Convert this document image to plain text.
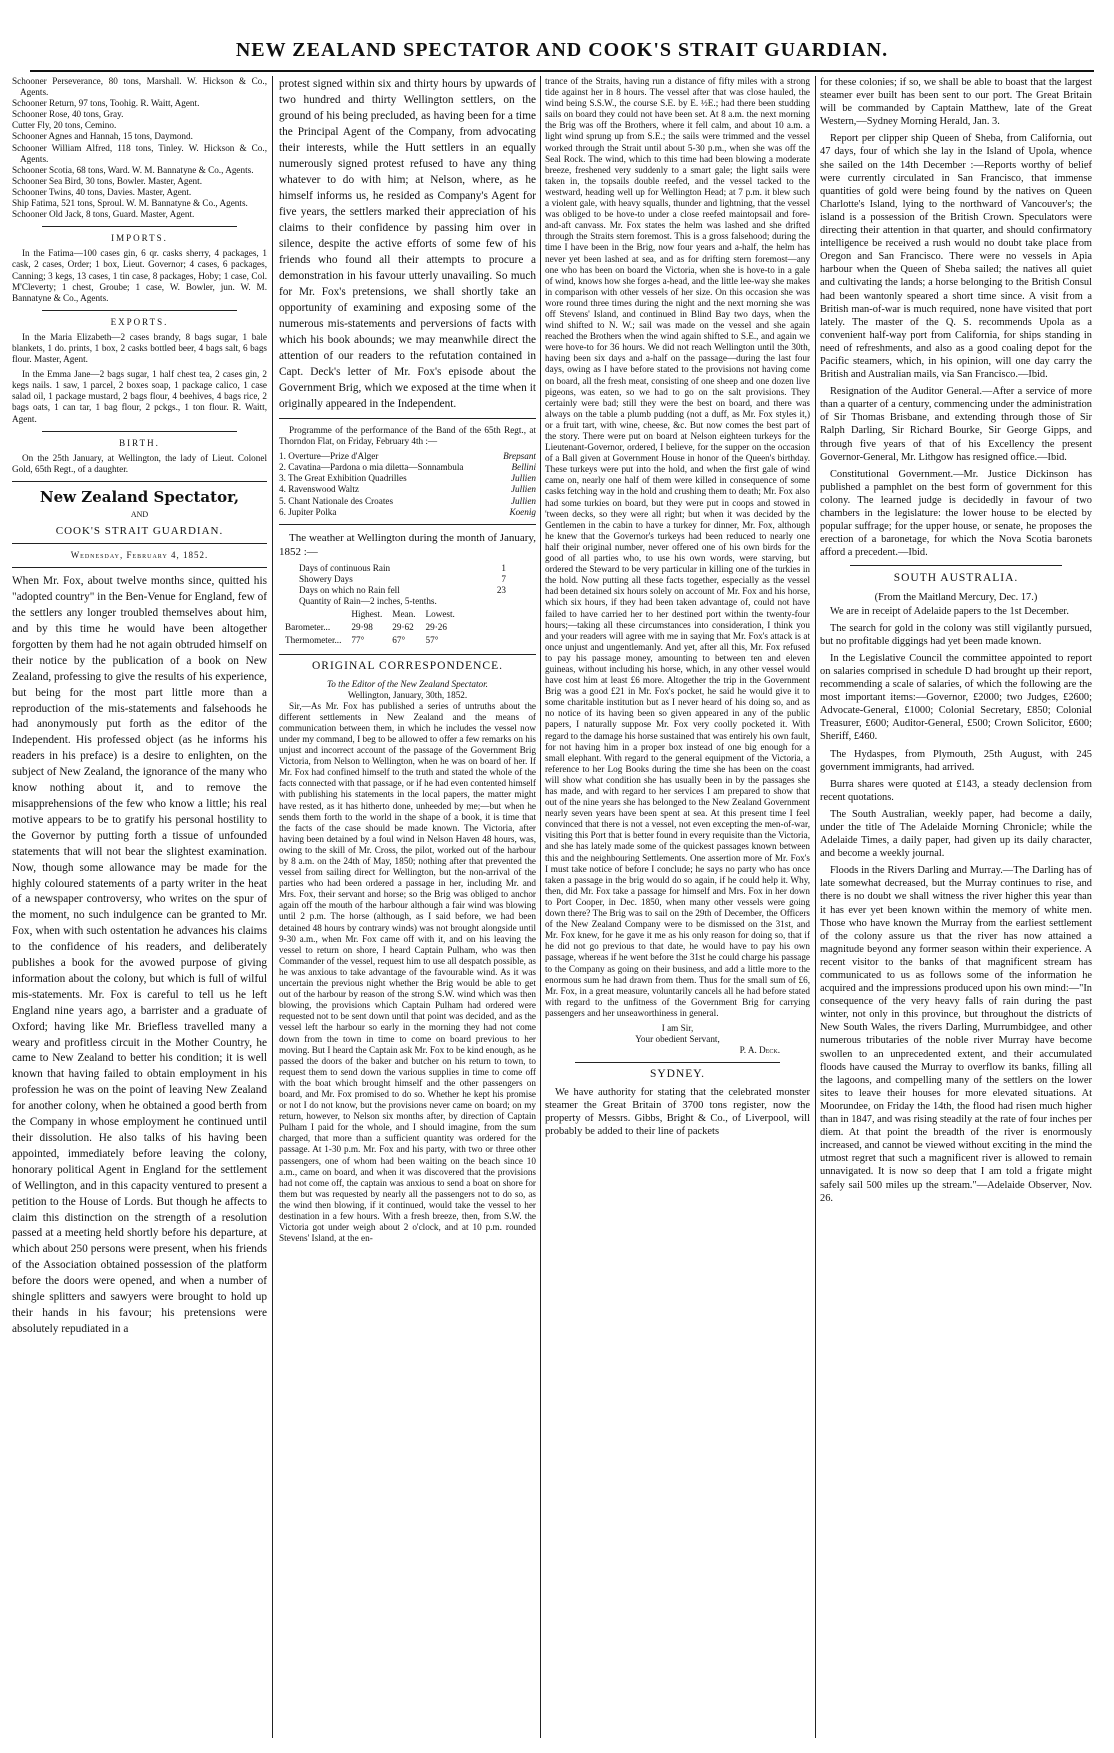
NEW ZEALAND SPECTATOR AND COOK'S STRAIT GUARDIAN.

Schooner Perseverance, 80 tons, Marshall. W. Hickson & Co., Agents.

Schooner Return, 97 tons, Toohig. R. Waitt, Agent.

Schooner Rose, 40 tons, Gray.

Cutter Fly, 20 tons, Cemino.

Schooner Agnes and Hannah, 15 tons, Daymond.

Schooner William Alfred, 118 tons, Tinley. W. Hickson & Co., Agents.

Schooner Scotia, 68 tons, Ward. W. M. Bannatyne & Co., Agents.

Schooner Sea Bird, 30 tons, Bowler. Master, Agent.

Schooner Twins, 40 tons, Davies. Master, Agent.

Ship Fatima, 521 tons, Sproul. W. M. Bannatyne & Co., Agents.

Schooner Old Jack, 8 tons, Guard. Master, Agent.

IMPORTS.

In the Fatima—100 cases gin, 6 qr. casks sherry, 4 packages, 1 cask, 2 cases, Order; 1 box, Lieut. Governor; 4 cases, 6 packages, Canning; 3 kegs, 13 cases, 1 tin case, 8 packages, Hoby; 1 case, Col. M'Cleverty; 1 chest, Groube; 1 case, W. Bowler, jun. W. M. Bannatyne & Co., Agents.

EXPORTS.

In the Maria Elizabeth—2 cases brandy, 8 bags sugar, 1 bale blankets, 1 do. prints, 1 box, 2 casks bottled beer, 4 bags salt, 6 bags flour. Master, Agent.

In the Emma Jane—2 bags sugar, 1 half chest tea, 2 cases gin, 2 kegs nails. 1 saw, 1 parcel, 2 boxes soap, 1 package calico, 1 case salad oil, 1 package mustard, 2 bags flour, 4 beehives, 4 bags rice, 2 bags oats, 1 can tar, 1 bag flour, 2 pckgs., 1 ton flour. R. Waitt, Agent.

BIRTH.

On the 25th January, at Wellington, the lady of Lieut. Colonel Gold, 65th Regt., of a daughter.

New Zealand Spectator,
AND
COOK'S STRAIT GUARDIAN.
Wednesday, February 4, 1852.

When Mr. Fox, about twelve months since, quitted his "adopted country" in the Ben-Venue for England, few of the settlers any longer troubled themselves about him, and by this time he would have been altogether forgotten by them had he not again obtruded himself on their notice by the publication of a book on New Zealand, professing to give the results of his experience, but being for the most part little more than a reproduction of the mis-statements and falsehoods he had anonymously put forth as the editor of the Independent. His professed object (as he informs his readers in his preface) is a desire to enlighten, on the subject of New Zealand, the ignorance of the many who know nothing about it, and to remove the misapprehensions of the few who know a little; his real motive appears to be to gratify his personal hostility to the Governor by putting forth a tissue of unfounded statements that will not bear the slightest examination. Now, though some allowance may be made for the highly coloured statements of a party writer in the heat of a newspaper controversy, who writes on the spur of the moment, no such indulgence can be granted to Mr. Fox, when with such ostentation he advances his claims to the confidence of his readers, and deliberately publishes a book for the avowed purpose of giving information about the colony, but which is full of wilful mis-statements. Mr. Fox is careful to tell us he left England nine years ago, a barrister and a graduate of Oxford; having like Mr. Briefless travelled many a weary and profitless circuit in the Mother Country, he came to New Zealand to better his condition; it is well known that having failed to obtain employment in his profession he was on the point of leaving New Zealand for another colony, when he obtained a good berth from the Company in whose employment he continued until their dissolution. He also talks of his having been appointed, immediately before leaving the colony, honorary political Agent in England for the settlement of Wellington, and in this capacity ventured to present a petition to the House of Lords. But though he affects to claim this distinction on the strength of a resolution passed at a meeting held shortly before his departure, at which about 250 persons were present, when his friends of the Association obtained possession of the platform before the doors were opened, and when a number of shingle splitters and sawyers were brought to hold up their hands in his favour; his pretensions were absolutely repudiated in a

protest signed within six and thirty hours by upwards of two hundred and thirty Wellington settlers, on the ground of his being precluded, as having been for a time the Principal Agent of the Company, from advocating their interests, while the Hutt settlers in an equally numerously signed protest refused to have any thing whatever to do with him; at Nelson, where, as he himself informs us, he resided as Company's Agent for five years, the settlers marked their appreciation of his claims to their confidence by passing him over in silence, despite the active efforts of some few of his friends who found all their attempts to procure a demonstration in his favour utterly unavailing. So much for Mr. Fox's pretensions, we shall shortly take an opportunity of examining and exposing some of the numerous mis-statements and perversions of facts with which his book abounds; we may meanwhile direct the attention of our readers to the refutation contained in Capt. Deck's letter of Mr. Fox's episode about the Government Brig, which we exposed at the time when it originally appeared in the Independent.

Programme of the performance of the Band of the 65th Regt., at Thorndon Flat, on Friday, February 4th :—

1. Overture—Prize d'Alger	Brepsant
2. Cavatina—Pardona o mia diletta—Sonnambula	Bellini
3. The Great Exhibition Quadrilles	Jullien
4. Ravenswood Waltz	Jullien
5. Chant Nationale des Croates	Jullien
6. Jupiter Polka	Koenig

The weather at Wellington during the month of January, 1852 :—

Days of continuous Rain	1
Showery Days	7
Days on which no Rain fell	23
Quantity of Rain—2 inches, 5-tenths.
	Highest.	Mean.	Lowest.
Barometer...	29·98	29·62	29·26
Thermometer...	77°	67°	57°
ORIGINAL CORRESPONDENCE.
To the Editor of the New Zealand Spectator.
Wellington, January, 30th, 1852.

Sir,—As Mr. Fox has published a series of untruths about the different settlements in New Zealand and the means of communication between them, in which he includes the vessel now under my command, I beg to be allowed to offer a few remarks on his unjust and incorrect account of the passage of the Government Brig Victoria, from Nelson to Wellington, when he was on board of her. If Mr. Fox had confined himself to the truth and stated the whole of the facts connected with that passage, or if he had even contented himself with publishing his statements in the local papers, the matter might have rested, as it has hitherto done, unheeded by me;—but when he sends them forth to the world in the shape of a book, it is time that the facts of the case should be made known. The Victoria, after having been detained by a foul wind in Nelson Haven 48 hours, was, owing to the skill of Mr. Cross, the pilot, worked out of the harbour by 8 a.m. on the 24th of May, 1850; nothing after that prevented the vessel from sailing direct for Wellington, but the non-arrival of the parties who had been ordered a passage in her, including Mr. and Mrs. Fox, their servant and horse; so the Brig was obliged to anchor again off the mouth of the harbour although a fair wind was blowing until 2 p.m. The horse (although, as I said before, we had been detained 48 hours by contrary winds) was not brought alongside until 9-30 a.m., when Mr. Fox came off with it, and on his leaving the vessel to return on shore, I heard Captain Pulham, who was then Commander of the vessel, request him to use all despatch possible, as he was anxious to take advantage of the favourable wind. As it was uncertain the previous night whether the Brig would be able to get out of the harbour by reason of the strong S.W. wind which was then blowing, the provisions which Captain Pulham had ordered were requested not to be sent down until that point was decided, and as the vessel left the harbour so early in the morning they had not come down from the town in time to come on board previous to her moving. But I heard the Captain ask Mr. Fox to be kind enough, as he passed the doors of the baker and butcher on his return to town, to request them to send down the various supplies in time to come off with the boat which brought himself and the other passengers on board, and Mr. Fox promised to do so. Whether he kept his promise or not I do not know, but the provisions never came on board; on my return, however, to Nelson six months after, by direction of Captain Pulham I paid for the whole, and I should imagine, from the sum charged, that more than a sufficient quantity was ordered for the passage. At 1-30 p.m. Mr. Fox and his party, with two or three other passengers, one of whom had been waiting on the beach since 10 a.m., came on board, and when it was discovered that the provisions had not come off, the captain was anxious to send a boat on shore for them but was requested by nearly all the passengers not to do so, as the wind then blowing, if it continued, would take the vessel to her destination in a few hours. With a fresh breeze, then, from S.W. the Victoria got under weigh about 2 o'clock, and at 10 p.m. rounded Stevens' Island, at the en-

trance of the Straits, having run a distance of fifty miles with a strong tide against her in 8 hours. The vessel after that was close hauled, the wind being S.S.W., the course S.E. by E. ½E.; had there been studding sails on board they could not have been set. At 8 a.m. the next morning the Brig was off the Brothers, where it fell calm, and about 10 a.m. a light wind sprung up from S.E.; the sails were trimmed and the vessel worked through the Strait until about 5-30 p.m., when she was off the Seal Rock. The wind, which to this time had been blowing a moderate breeze, freshened very suddenly to a smart gale; the light sails were taken in, the topsails double reefed, and the vessel tacked to the westward, heading well up for Wellington Head; at 7 p.m. it blew such a violent gale, with heavy squalls, thunder and lightning, that the vessel was obliged to be hove-to under a close reefed maintopsail and fore-and-aft canvass. Mr. Fox states the helm was lashed and she drifted through the Straits stern foremost. This is a gross falsehood; during the time I have been in the Brig, now four years and a-half, the helm has never yet been lashed at sea, and as for drifting stern foremost—any one who has been on board the Victoria, when she is hove-to in a gale of wind, knows how she forges a-head, and the little lee-way she makes in comparison with other vessels of her size. On this occasion she was wore round three times during the night and the next morning she was off Stevens' Island, and continued in Blind Bay two days, when the wind shifted to N. W.; sail was made on the vessel and she again reached the Brothers when the wind again shifted to S.E., and again we were hove-to for 36 hours. We did not reach Wellington until the 30th, having been six days and a-half on the passage—during the last four days, owing as I have before stated to the provisions not having come on board, all the fresh meat, consisting of one sheep and one dozen live pigeons, was eaten, so we had to go on the salt provisions. They certainly were bad; still they were the best on board, and there was always on the table a plumb pudding (not a duff, as Mr. Fox styles it,) or a fruit tart, with wine, cheese, &c. But now comes the best part of the story. There were put on board at Nelson eighteen turkeys for the Lieutenant-Governor, ordered, I believe, for the supper on the occasion of a Ball given at Government House in honor of the Queen's birthday. These turkeys were put into the hold, and when the first gale of wind came on, nearly one half of them were killed in consequence of some casks fetching way in the hold and crushing them to death; Mr. Fox also had some turkies on board, but they were put in coops and stowed in 'tween decks, so they were all right; but when it was decided by the Gentlemen in the cabin to have a turkey for dinner, Mr. Fox, although he knew that the Governor's turkeys had been reduced to nearly one half their original number, never offered one of his own birds for the good of all parties who, to use his own words, were starving, but ordered the Steward to be very particular in killing one of the turkies in the hold. Now putting all these facts together, especially as the vessel had been detained six hours solely on account of Mr. Fox and his horse, which six hours, if they had been taken advantage of, could not have failed to have carried her to her destined port within the twenty-four hours;—taking all these circumstances into consideration, I think you and your readers will agree with me in saying that Mr. Fox's attack is at once unjust and ungentlemanly. And yet, after all this, Mr. Fox refused to pay his passage money, amounting to between ten and eleven guineas, without including his horse, which, in any other vessel would have cost him at least £6 more. Altogether the trip in the Government Brig was a good £21 in Mr. Fox's pocket, he said he would give it to some charitable institution but as I never heard of his doing so, and as no notice of its having been so given appeared in any of the public papers, I naturally suppose Mr. Fox very coolly pocketed it. With regard to the damage his horse sustained that was entirely his own fault, for not having him in a proper box instead of one big enough for a small elephant. With regard to the general equipment of the Victoria, a reference to her Log Books during the time she has been on the coast will show what condition she has usually been in by the passages she has made, and with regard to her services I am prepared to show that out of the nine years she has belonged to the New Zealand Government nearly seven years have been spent at sea. At this present time I feel convinced that there is not a vessel, not even excepting the men-of-war, visiting this Port that is better found in every requisite than the Victoria, and she has lately made some of the quickest passages known between this and the neighbouring Settlements. One assertion more of Mr. Fox's I must take notice of before I conclude; he says no party who has once taken a passage in the brig would do so again, if he could help it. Why, then, did Mr. Fox take a passage for himself and Mrs. Fox in her down to Port Cooper, in Dec. 1850, when many other vessels were going down there? The Brig was to sail on the 29th of December, the Officers of the New Zealand Company were to be dismissed on the 31st, and Mr. Fox knew, for he gave it me as his only reason for doing so, that if he did not go previous to that date, he would have to pay his own passage, whereas if he went before the 31st he could charge his passage to the Company as going on their business, and add a little more to the enormous sum he had drawn from them. Thus for the small sum of £6, Mr. Fox, in a great measure, voluntarily cancels all he had before stated with regard to the unfitness of the Government Brig for carrying passengers and her unseaworthiness in general.

I am Sir,
Your obedient Servant,
P. A. Deck.
SYDNEY.

We have authority for stating that the celebrated monster steamer the Great Britain of 3700 tons register, now the property of Messrs. Gibbs, Bright & Co., of Liverpool, will probably be added to their line of packets

for these colonies; if so, we shall be able to boast that the largest steamer ever built has been sent to our port. The Great Britain will be commanded by Captain Matthew, late of the Great Western,—Sydney Morning Herald, Jan. 3.

Report per clipper ship Queen of Sheba, from California, out 47 days, four of which she lay in the Island of Upola, whence she sailed on the 14th December :—Reports worthy of belief were currently circulated in San Francisco, that immense quantities of gold were being found by the natives on Queen Charlotte's Island, lying to the northward of Vancouver's; the island is a possession of the British Crown. Speculators were directing their attention in that quarter, and should confirmatory intelligence be received a rush would no doubt take place from Oregon and San Francisco. There were no vessels in Apia harbour when the Queen of Sheba sailed; the natives all quiet and cultivating the lands; a horse belonging to the British Consul had been wantonly speared a short time since. A visit from a British man-of-war is much required, none have visited that port lately. The master of the Q. S. recommends Upola as a convenient half-way port from California, for ships standing in need of refreshments, and also as a good coaling depot for the Pacific steamers, which, in his opinion, will one day carry the British and Australian mails, via San Francisco.—Ibid.

Resignation of the Auditor General.—After a service of more than a quarter of a century, commencing under the administration of Sir Thomas Brisbane, and extending through those of Sir Ralph Darling, Sir Richard Bourke, Sir George Gipps, and through five years of that of his Excellency the present Governor-General, Mr. Lithgow has resigned office.—Ibid.

Constitutional Government.—Mr. Justice Dickinson has published a pamphlet on the best form of government for this colony. The learned judge is decidedly in favour of two chambers in the legislature: the lower house to be elected by popular suffrage; for the upper house, or senate, he proposes the erection of a baronetage, for which the Nova Scotia baronets afford a precedent.—Ibid.

SOUTH AUSTRALIA.
(From the Maitland Mercury, Dec. 17.)

We are in receipt of Adelaide papers to the 1st December.

The search for gold in the colony was still vigilantly pursued, but no profitable diggings had yet been made known.

In the Legislative Council the committee appointed to report on salaries comprised in schedule D had brought up their report, recommending a scale of salaries, of which the following are the most important items:—Governor, £2000; two Judges, £2600; Advocate-General, £1000; Colonial Secretary, £850; Colonial Treasurer, £600; Auditor-General, £500; Crown Solicitor, £600; Sheriff, £460.

The Hydaspes, from Plymouth, 25th August, with 245 government immigrants, had arrived.

Burra shares were quoted at £143, a steady declension from recent quotations.

The South Australian, weekly paper, had become a daily, under the title of The Adelaide Morning Chronicle; while the Adelaide Times, a daily paper, had given up its daily character, and become a weekly journal.

Floods in the Rivers Darling and Murray.—The Darling has of late somewhat decreased, but the Murray continues to rise, and there is no doubt we shall witness the river higher this year than it has ever yet been known within the memory of white men. Those who have known the Murray from the earliest settlement of the colony assure us that the river has now attained a magnitude beyond any former season within their experience. A recent visitor to the banks of that magnificent stream has communicated to us as follows some of the information he acquired and the impressions produced upon his own mind:—"In consequence of the very heavy falls of rain during the past winter, not only in this province, but throughout the districts of New South Wales, the rivers Darling, Murrumbidgee, and other numerous tributaries of the noble river Murray have become swollen to an unprecedented extent, and their accumulated floods have caused the Murray to overflow its banks, filling all the lagoons, and compelling many of the settlers on the lower sites to leave their houses for more elevated situations. At Moorundee, on Friday the 14th, the flood had risen much higher than in 1847, and was rising steadily at the rate of four inches per diem. At that point the breadth of the river is enormously increased, and cannot be viewed without exciting in the mind the utmost regret that such a magnificent river is allowed to remain unnavigated. It is now so deep that I am told a frigate might safely sail 500 miles up the stream."—Adelaide Observer, Nov. 26.
